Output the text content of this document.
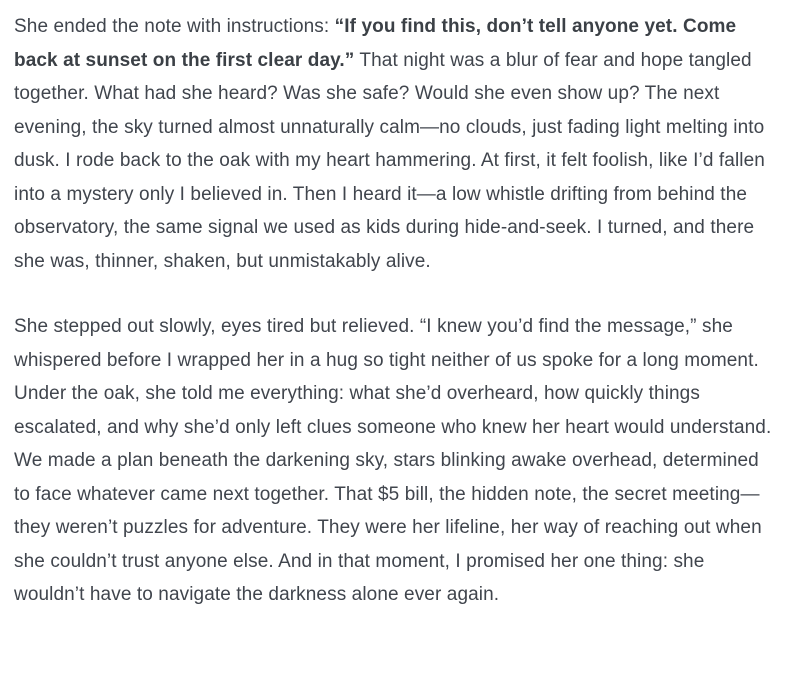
She ended the note with instructions: “If you find this, don’t tell anyone yet. Come back at sunset on the first clear day.” That night was a blur of fear and hope tangled together. What had she heard? Was she safe? Would she even show up? The next evening, the sky turned almost unnaturally calm—no clouds, just fading light melting into dusk. I rode back to the oak with my heart hammering. At first, it felt foolish, like I’d fallen into a mystery only I believed in. Then I heard it—a low whistle drifting from behind the observatory, the same signal we used as kids during hide-and-seek. I turned, and there she was, thinner, shaken, but unmistakably alive.

She stepped out slowly, eyes tired but relieved. “I knew you’d find the message,” she whispered before I wrapped her in a hug so tight neither of us spoke for a long moment. Under the oak, she told me everything: what she’d overheard, how quickly things escalated, and why she’d only left clues someone who knew her heart would understand. We made a plan beneath the darkening sky, stars blinking awake overhead, determined to face whatever came next together. That $5 bill, the hidden note, the secret meeting—they weren’t puzzles for adventure. They were her lifeline, her way of reaching out when she couldn’t trust anyone else. And in that moment, I promised her one thing: she wouldn’t have to navigate the darkness alone ever again.
